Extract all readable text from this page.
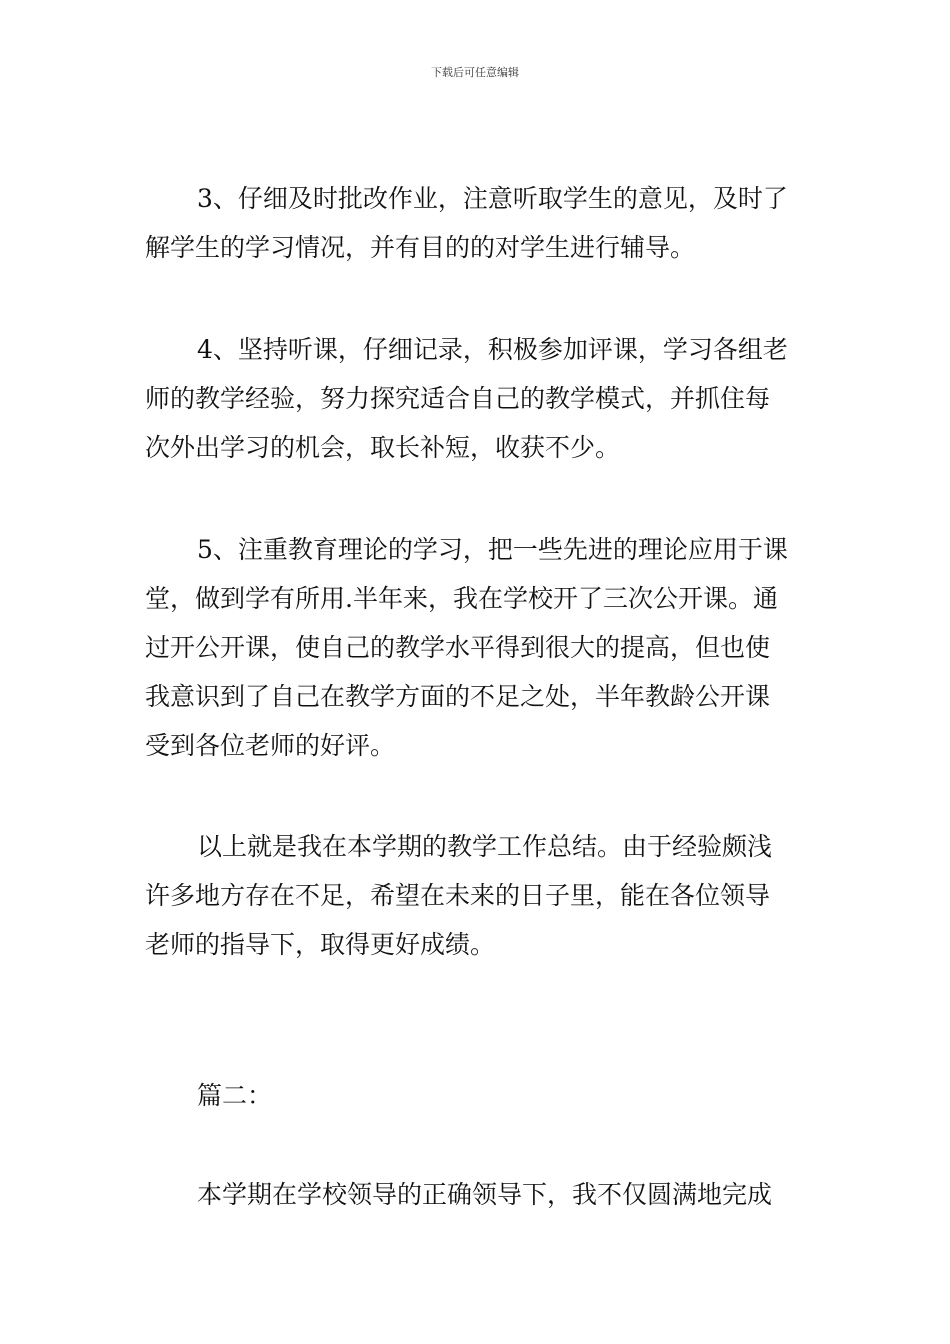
下载后可任意编辑
3、仔细及时批改作业，注意听取学生的意见，及时了
解学生的学习情况，并有目的的对学生进行辅导。
4、坚持听课，仔细记录，积极参加评课，学习各组老
师的教学经验，努力探究适合自己的教学模式，并抓住每
次外出学习的机会，取长补短，收获不少。
5、注重教育理论的学习，把一些先进的理论应用于课
堂，做到学有所用.半年来，我在学校开了三次公开课。通
过开公开课，使自己的教学水平得到很大的提高，但也使
我意识到了自己在教学方面的不足之处，半年教龄公开课
受到各位老师的好评。
以上就是我在本学期的教学工作总结。由于经验颇浅
许多地方存在不足，希望在未来的日子里，能在各位领导
老师的指导下，取得更好成绩。
篇二：
本学期在学校领导的正确领导下，我不仅圆满地完成
